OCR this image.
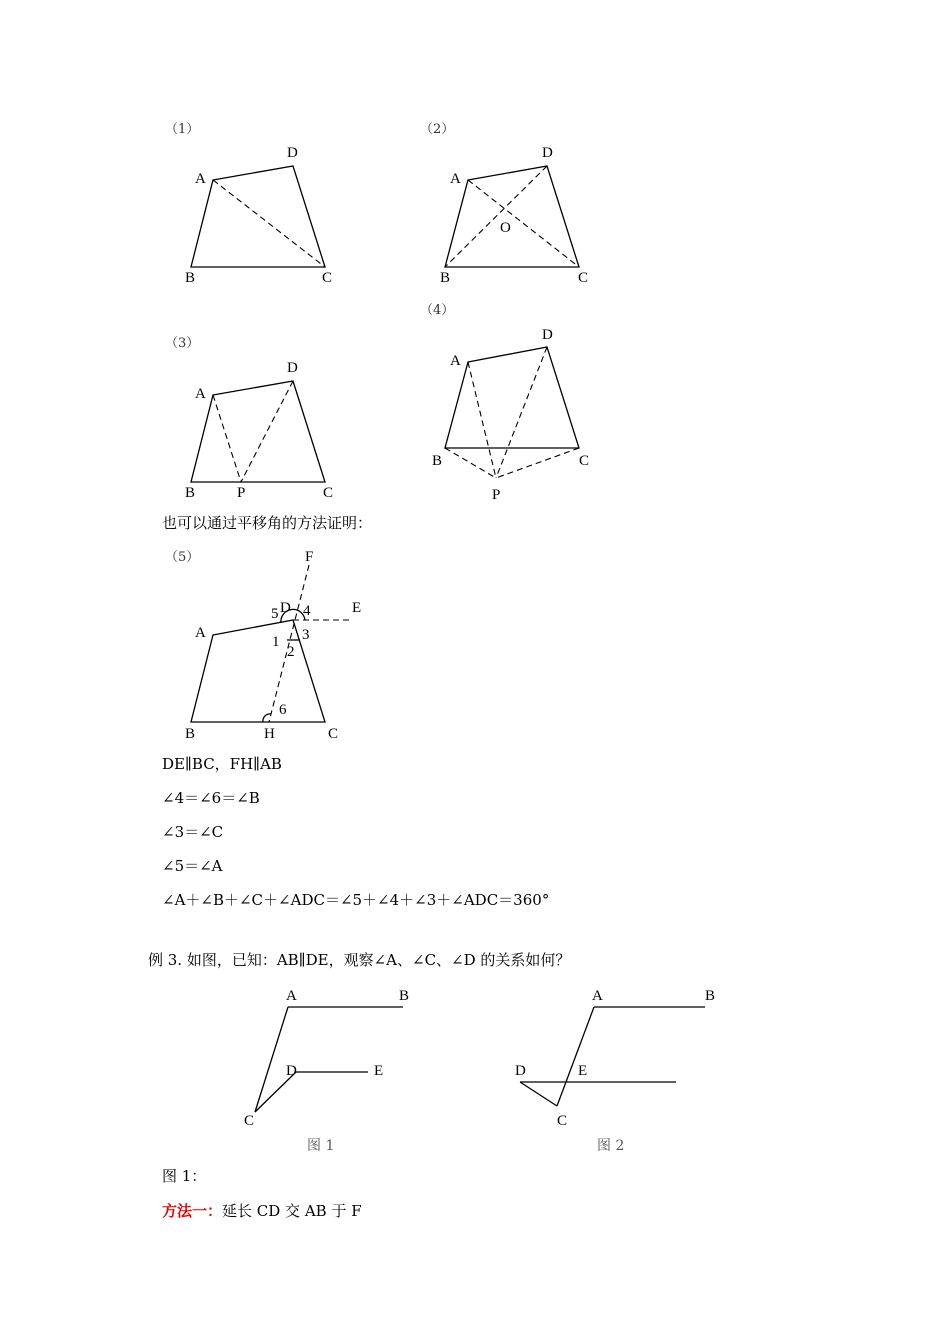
（1）
A
D
B	C
（2）
A
D
O
B	C
（4）
A
D
B	C
P
（3）
A
D
B	P	C
（5）	F
E
D
A
5 4
3
1
2
6
B	H	C
A	B
D	E
C
图 1
A	B
D	E
C
图 2
也可以通过平移角的方法证明：
DE∥BC，FH∥AB
∠4＝∠6＝∠B
∠3＝∠C
∠5＝∠A
∠A＋∠B＋∠C＋∠ADC＝∠5＋∠4＋∠3＋∠ADC＝360°
例 3. 如图，已知：AB∥DE，观察∠A、∠C、∠D 的关系如何？
图 1：
方法一：延长 CD 交 AB 于 F
